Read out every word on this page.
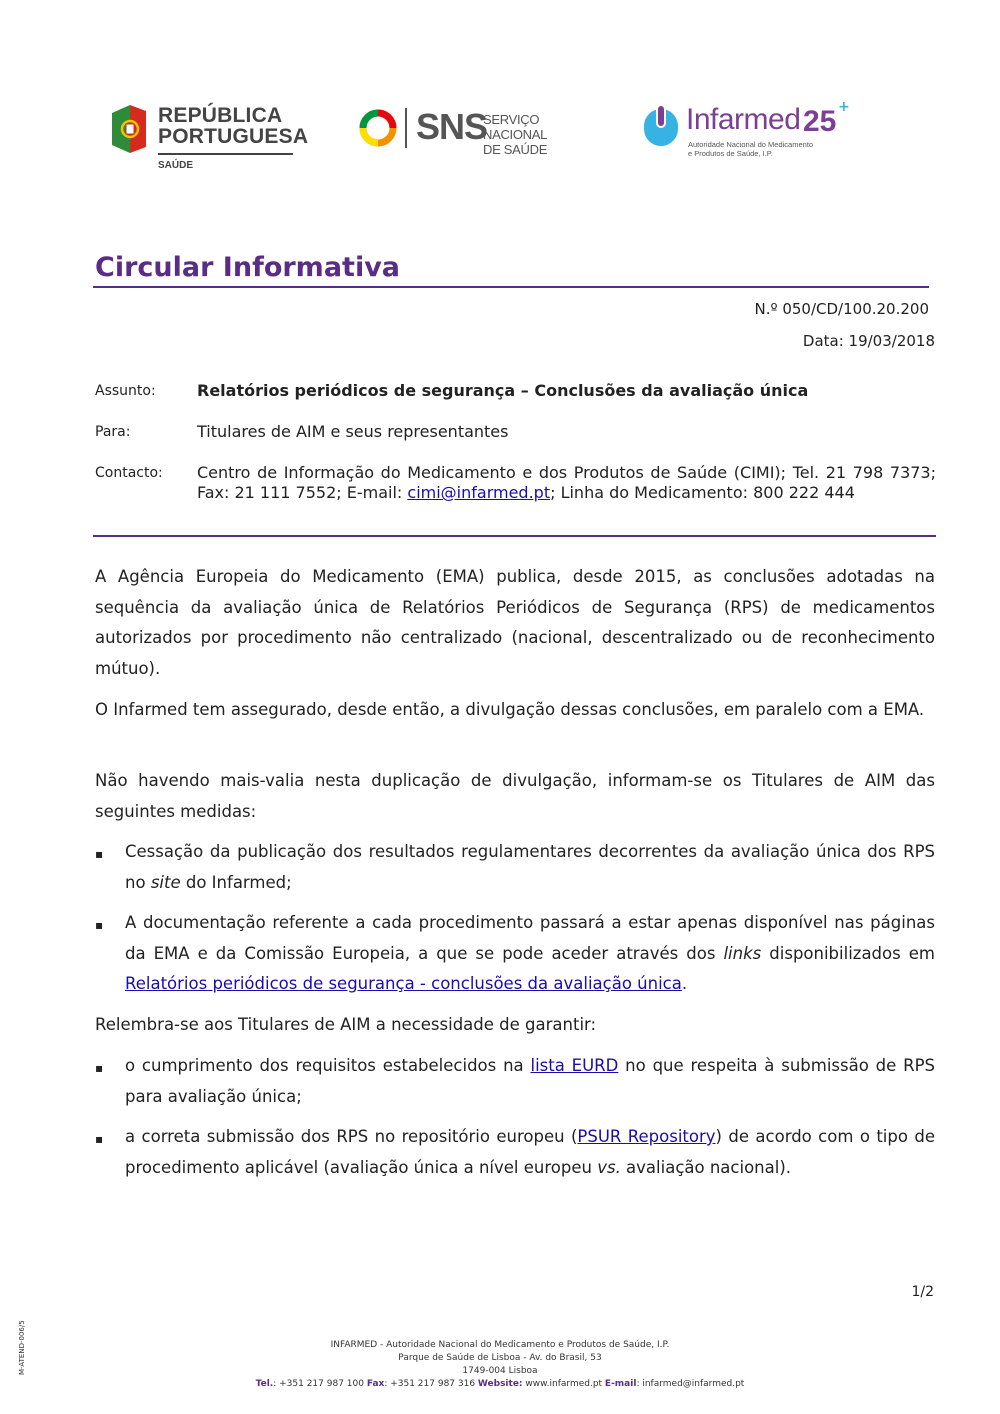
REPÚBLICA
PORTUGUESA
SAÚDE
SNS
SERVIÇO NACIONAL
DE SAÚDE
Infarmed 25 +
Autoridade Nacional do Medicamento
e Produtos de Saúde, I.P.
Circular Informativa
N.º 050/CD/100.20.200
Data: 19/03/2018
Assunto:	Relatórios periódicos de segurança – Conclusões da avaliação única
Para:	Titulares de AIM e seus representantes
Contacto: Centro de Informação do Medicamento e dos Produtos de Saúde (CIMI); Tel. 21 798 7373; Fax: 21 111 7552; E-mail: cimi@infarmed.pt; Linha do Medicamento: 800 222 444
A Agência Europeia do Medicamento (EMA) publica, desde 2015, as conclusões adotadas na sequência da avaliação única de Relatórios Periódicos de Segurança (RPS) de medicamentos autorizados por procedimento não centralizado (nacional, descentralizado ou de reconhecimento mútuo).
O Infarmed tem assegurado, desde então, a divulgação dessas conclusões, em paralelo com a EMA.
Não havendo mais-valia nesta duplicação de divulgação, informam-se os Titulares de AIM das seguintes medidas:
▪ Cessação da publicação dos resultados regulamentares decorrentes da avaliação única dos RPS no site do Infarmed;
▪ A documentação referente a cada procedimento passará a estar apenas disponível nas páginas da EMA e da Comissão Europeia, a que se pode aceder através dos links disponibilizados em Relatórios periódicos de segurança - conclusões da avaliação única.
Relembra-se aos Titulares de AIM a necessidade de garantir:
▪ o cumprimento dos requisitos estabelecidos na lista EURD no que respeita à submissão de RPS para avaliação única;
▪ a correta submissão dos RPS no repositório europeu (PSUR Repository) de acordo com o tipo de procedimento aplicável (avaliação única a nível europeu vs. avaliação nacional).
1/2
INFARMED - Autoridade Nacional do Medicamento e Produtos de Saúde, I.P.
Parque de Saúde de Lisboa - Av. do Brasil, 53
1749-004 Lisboa
Tel.: +351 217 987 100 Fax: +351 217 987 316 Website: www.infarmed.pt E-mail: infarmed@infarmed.pt
M-ATEND-006/5
